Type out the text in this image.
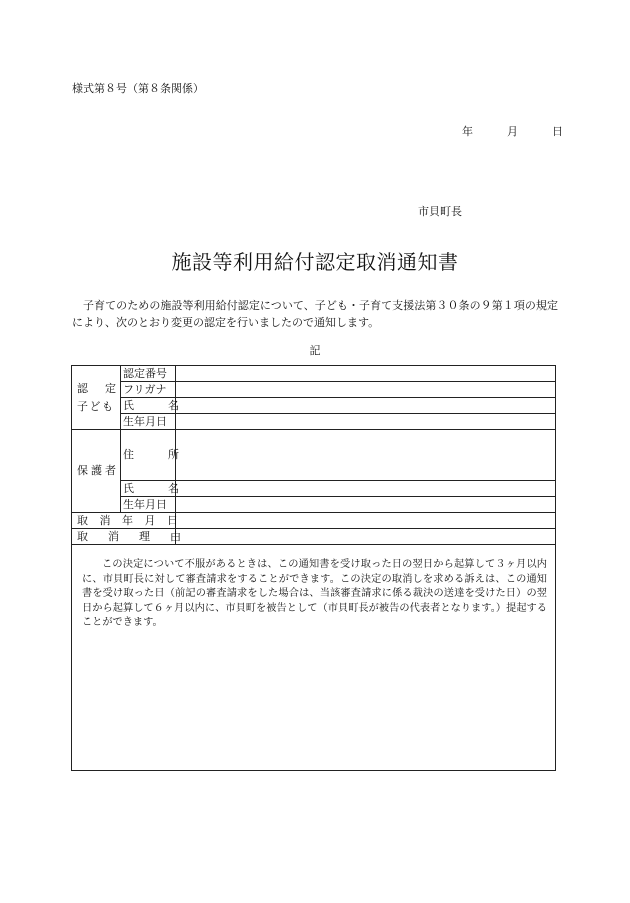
様式第８号（第８条関係）
年	月	日
市貝町長
施設等利用給付認定取消通知書
子育てのための施設等利用給付認定について、子ども・子育て支援法第３０条の９第１項の規定により、次のとおり変更の認定を行いましたので通知します。
記
認 定
子ども
認定番号
フリガナ
氏名
生年月日
保護者
住所
氏名
生年月日
取消年月日
取消理由
この決定について不服があるときは、この通知書を受け取った日の翌日から起算して３ヶ月以内に、市貝町長に対して審査請求をすることができます。この決定の取消しを求める訴えは、この通知書を受け取った日（前記の審査請求をした場合は、当該審査請求に係る裁決の送達を受けた日）の翌日から起算して６ヶ月以内に、市貝町を被告として（市貝町長が被告の代表者となります。）提起することができます。
